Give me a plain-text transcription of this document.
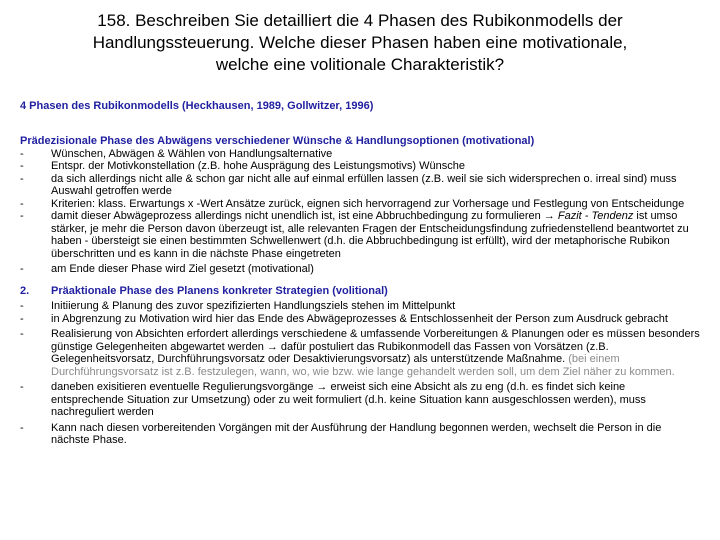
158. Beschreiben Sie detailliert die 4 Phasen des Rubikonmodells der
Handlungssteuerung. Welche dieser Phasen haben eine motivationale,
welche eine volitionale Charakteristik?
4 Phasen des Rubikonmodells (Heckhausen, 1989, Gollwitzer, 1996)
Prädezisionale Phase des Abwägens verschiedener Wünsche & Handlungsoptionen (motivational)
-	Wünschen, Abwägen & Wählen von Handlungsalternative
-	Entspr. der Motivkonstellation (z.B. hohe Ausprägung des Leistungsmotivs) Wünsche
-	da sich allerdings nicht alle & schon gar nicht alle auf einmal erfüllen lassen (z.B. weil sie sich widersprechen o. irreal sind) muss Auswahl getroffen werde
-	Kriterien: klass. Erwartungs x -Wert Ansätze zurück, eignen sich hervorragend zur Vorhersage und Festlegung von Entscheidunge
-	damit dieser Abwägeprozess allerdings nicht unendlich ist, ist eine Abbruchbedingung zu formulieren → Fazit - Tendenz ist umso stärker, je mehr die Person davon überzeugt ist, alle relevanten Fragen der Entscheidungsfindung zufriedenstellend beantwortet zu haben - übersteigt sie einen bestimmten Schwellenwert (d.h. die Abbruchbedingung ist erfüllt), wird der metaphorische Rubikon überschritten und es kann in die nächste Phase eingetreten
-	am Ende dieser Phase wird Ziel gesetzt (motivational)
2.	Präaktionale Phase des Planens konkreter Strategien (volitional)
-	Initiierung & Planung des zuvor spezifizierten Handlungsziels stehen im Mittelpunkt
-	in Abgrenzung zu Motivation wird hier das Ende des Abwägeprozesses & Entschlossenheit der Person zum Ausdruck gebracht
-	Realisierung von Absichten erfordert allerdings verschiedene & umfassende Vorbereitungen & Planungen oder es müssen besonders günstige Gelegenheiten abgewartet werden → dafür postuliert das Rubikonmodell das Fassen von Vorsätzen (z.B. Gelegenheitsvorsatz, Durchführungsvorsatz oder Desaktivierungsvorsatz) als unterstützende Maßnahme. (bei einem Durchführungsvorsatz ist z.B. festzulegen, wann, wo, wie bzw. wie lange gehandelt werden soll, um dem Ziel näher zu kommen.
-	daneben exisitieren eventuelle Regulierungsvorgänge → erweist sich eine Absicht als zu eng (d.h. es findet sich keine entsprechende Situation zur Umsetzung) oder zu weit formuliert (d.h. keine Situation kann ausgeschlossen werden), muss nachreguliert werden
-	Kann nach diesen vorbereitenden Vorgängen mit der Ausführung der Handlung begonnen werden, wechselt die Person in die nächste Phase.
